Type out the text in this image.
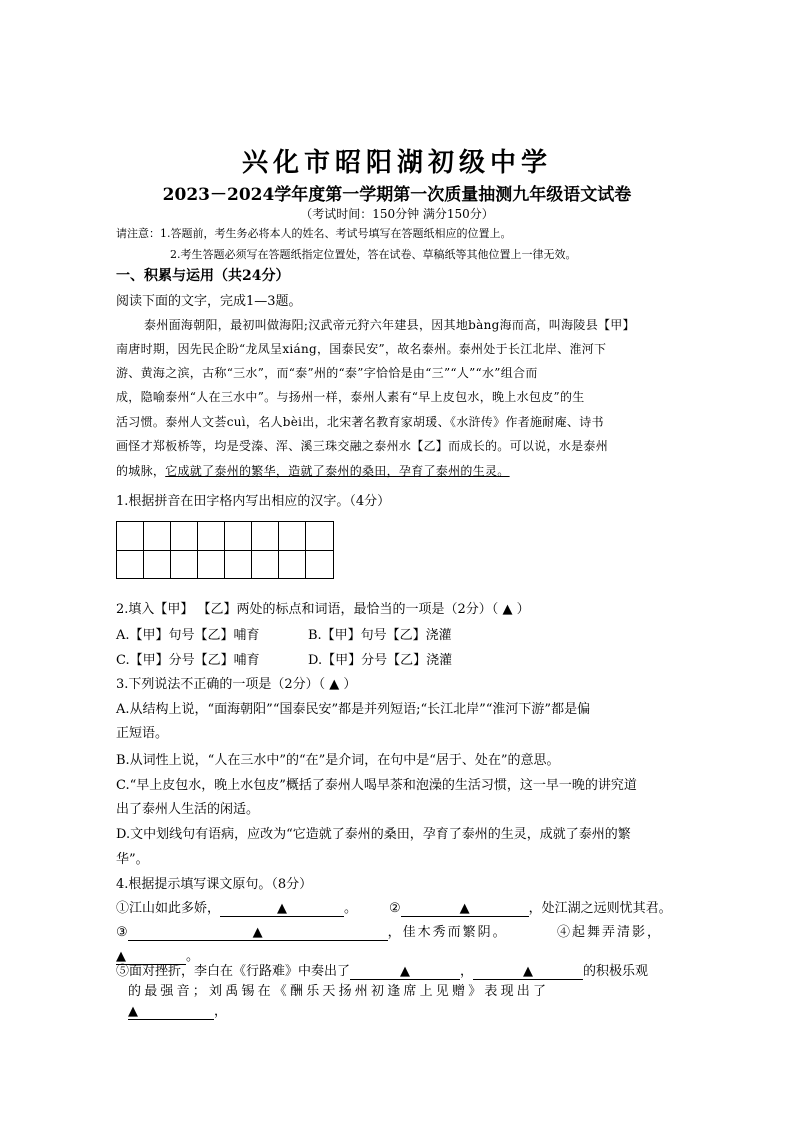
兴化市昭阳湖初级中学
2023－2024学年度第一学期第一次质量抽测九年级语文试卷
（考试时间：150分钟 满分150分）
请注意：1.答题前，考生务必将本人的姓名、考试号填写在答题纸相应的位置上。
2.考生答题必须写在答题纸指定位置处，答在试卷、草稿纸等其他位置上一律无效。
一、积累与运用（共24分）
阅读下面的文字，完成1—3题。
泰州面海朝阳，最初叫做海阳;汉武帝元狩六年建县，因其地bàng海而高，叫海陵县【甲】
南唐时期，因先民企盼“龙凤呈xiáng，国泰民安”，故名泰州。泰州处于长江北岸、淮河下
游、黄海之滨，古称“三水”，而“泰”州的“泰”字恰恰是由“三”“人”“水”组合而
成，隐喻泰州“人在三水中”。与扬州一样，泰州人素有“早上皮包水，晚上水包皮”的生
活习惯。泰州人文荟cuì，名人bèi出，北宋著名教育家胡瑗、《水浒传》作者施耐庵、诗书
画怪才郑板桥等，均是受溱、浑、溪三珠交融之泰州水【乙】而成长的。可以说，水是泰州
的城脉，它成就了泰州的繁华，造就了泰州的桑田，孕育了泰州的生灵。
1.根据拼音在田字格内写出相应的汉字。（4分）
2.填入【甲】 【乙】两处的标点和词语，最恰当的一项是（2分）（ ▲ ）
A.【甲】句号【乙】哺育	B.【甲】句号【乙】浇灌
C.【甲】分号【乙】哺育	D.【甲】分号【乙】浇灌
3.下列说法不正确的一项是（2分）（ ▲ ）
A.从结构上说，“面海朝阳”“国泰民安”都是并列短语;“长江北岸”“淮河下游”都是偏
正短语。
B.从词性上说，“人在三水中”的“在”是介词，在句中是“居于、处在”的意思。
C.“早上皮包水，晚上水包皮”概括了泰州人喝早茶和泡澡的生活习惯，这一早一晚的讲究道
出了泰州人生活的闲适。
D.文中划线句有语病，应改为“它造就了泰州的桑田，孕育了泰州的生灵，成就了泰州的繁
华”。
4.根据提示填写课文原句。（8分）
①江山如此多娇，	▲	。 ②	▲	，处江湖之远则忧其君。
③	▲	，佳木秀而繁阴。	④起舞弄清影，
▲	。
⑤面对挫折，李白在《行路难》中奏出了	▲	，	▲	的积极乐观
的最强音；刘禹锡在《酬乐天扬州初逢席上见赠》表现出了
▲	，
